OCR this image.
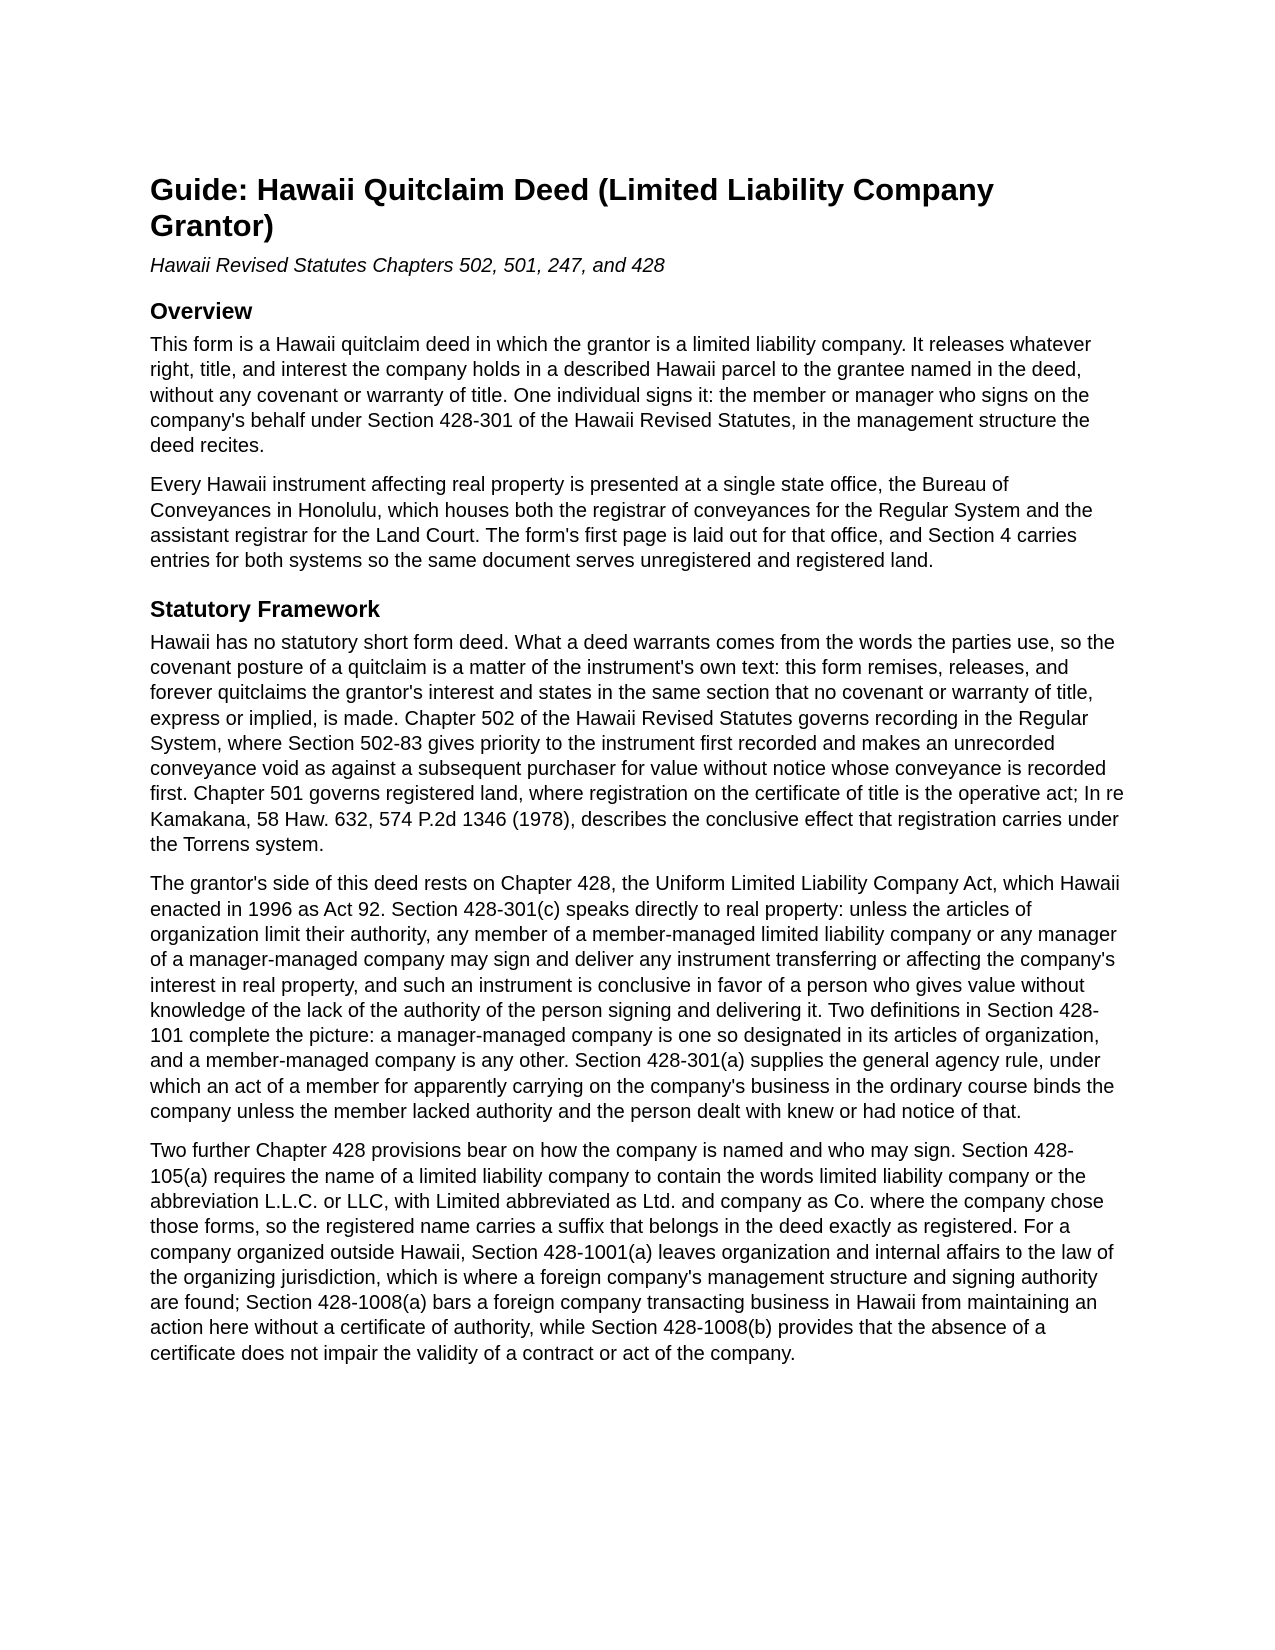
Guide: Hawaii Quitclaim Deed (Limited Liability Company Grantor)
Hawaii Revised Statutes Chapters 502, 501, 247, and 428
Overview

This form is a Hawaii quitclaim deed in which the grantor is a limited liability company. It releases whatever right, title, and interest the company holds in a described Hawaii parcel to the grantee named in the deed, without any covenant or warranty of title. One individual signs it: the member or manager who signs on the company's behalf under Section 428-301 of the Hawaii Revised Statutes, in the management structure the deed recites.

Every Hawaii instrument affecting real property is presented at a single state office, the Bureau of Conveyances in Honolulu, which houses both the registrar of conveyances for the Regular System and the assistant registrar for the Land Court. The form's first page is laid out for that office, and Section 4 carries entries for both systems so the same document serves unregistered and registered land.

Statutory Framework

Hawaii has no statutory short form deed. What a deed warrants comes from the words the parties use, so the covenant posture of a quitclaim is a matter of the instrument's own text: this form remises, releases, and forever quitclaims the grantor's interest and states in the same section that no covenant or warranty of title, express or implied, is made. Chapter 502 of the Hawaii Revised Statutes governs recording in the Regular System, where Section 502-83 gives priority to the instrument first recorded and makes an unrecorded conveyance void as against a subsequent purchaser for value without notice whose conveyance is recorded first. Chapter 501 governs registered land, where registration on the certificate of title is the operative act; In re Kamakana, 58 Haw. 632, 574 P.2d 1346 (1978), describes the conclusive effect that registration carries under the Torrens system.

The grantor's side of this deed rests on Chapter 428, the Uniform Limited Liability Company Act, which Hawaii enacted in 1996 as Act 92. Section 428-301(c) speaks directly to real property: unless the articles of organization limit their authority, any member of a member-managed limited liability company or any manager of a manager-managed company may sign and deliver any instrument transferring or affecting the company's interest in real property, and such an instrument is conclusive in favor of a person who gives value without knowledge of the lack of the authority of the person signing and delivering it. Two definitions in Section 428-101 complete the picture: a manager-managed company is one so designated in its articles of organization, and a member-managed company is any other. Section 428-301(a) supplies the general agency rule, under which an act of a member for apparently carrying on the company's business in the ordinary course binds the company unless the member lacked authority and the person dealt with knew or had notice of that.

Two further Chapter 428 provisions bear on how the company is named and who may sign. Section 428-105(a) requires the name of a limited liability company to contain the words limited liability company or the abbreviation L.L.C. or LLC, with Limited abbreviated as Ltd. and company as Co. where the company chose those forms, so the registered name carries a suffix that belongs in the deed exactly as registered. For a company organized outside Hawaii, Section 428-1001(a) leaves organization and internal affairs to the law of the organizing jurisdiction, which is where a foreign company's management structure and signing authority are found; Section 428-1008(a) bars a foreign company transacting business in Hawaii from maintaining an action here without a certificate of authority, while Section 428-1008(b) provides that the absence of a certificate does not impair the validity of a contract or act of the company.
